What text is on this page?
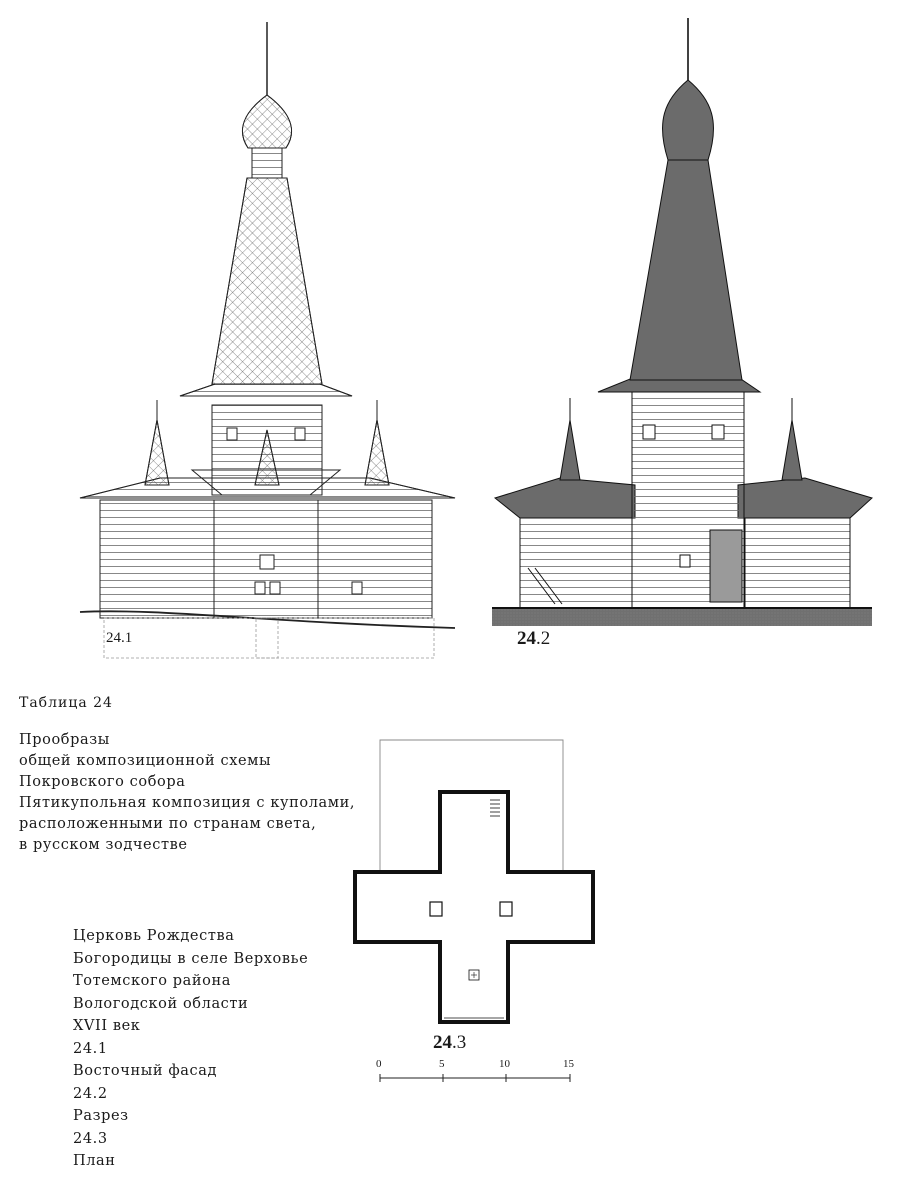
24.1	24.2
24.3
0	5	10	15
Таблица 24
Прообразы
общей композиционной схемы
Покровского собора
Пятикупольная композиция с куполами,
расположенными по странам света,
в русском зодчестве
Церковь Рождества
Богородицы в селе Верховье
Тотемского района
Вологодской области
XVII век
24.1
Восточный фасад
24.2
Разрез
24.3
План
